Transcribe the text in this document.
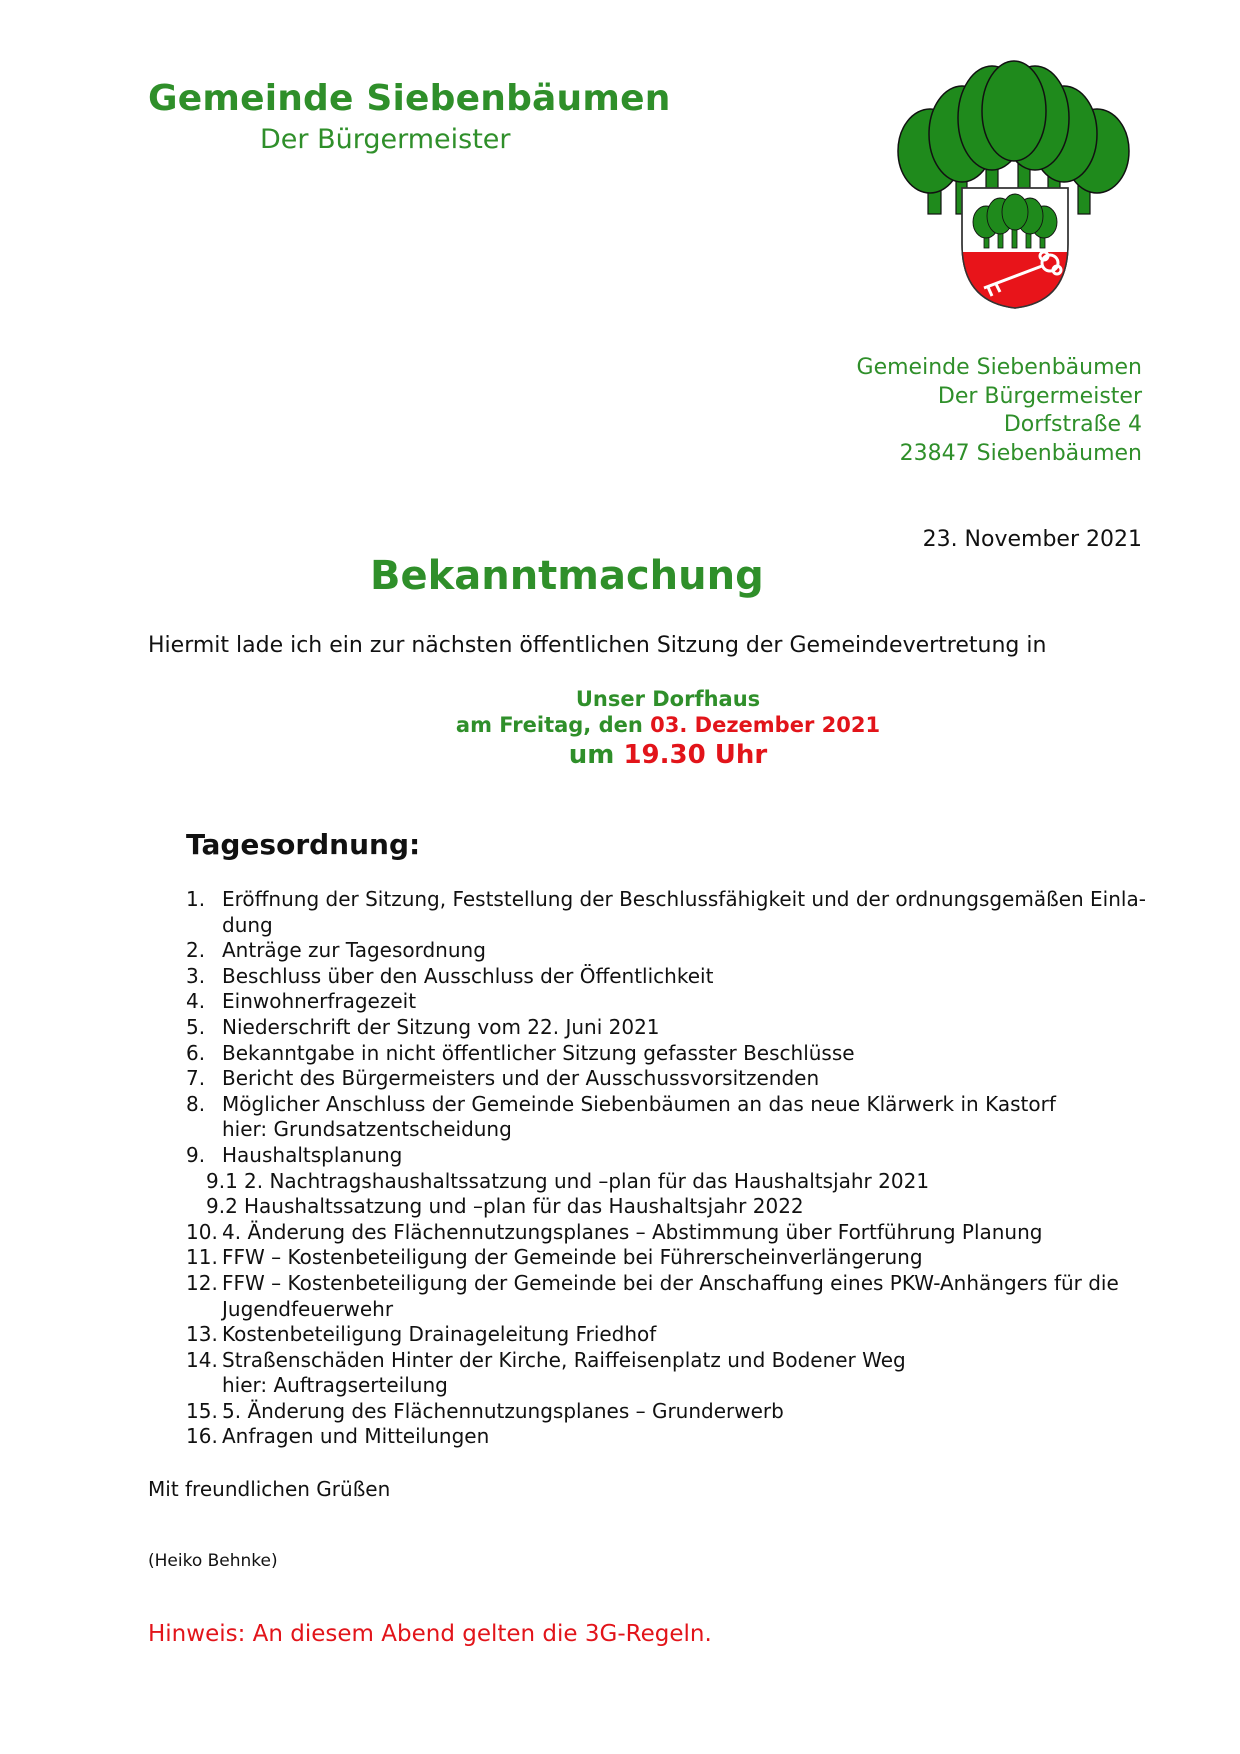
Gemeinde Siebenbäumen
Der Bürgermeister
Gemeinde Siebenbäumen
Der Bürgermeister
Dorfstraße 4
23847 Siebenbäumen
23. November 2021
Bekanntmachung
Hiermit lade ich ein zur nächsten öffentlichen Sitzung der Gemeindevertretung in
Unser Dorfhaus
am Freitag, den 03. Dezember 2021
um 19.30 Uhr
Tagesordnung:
1. Eröffnung der Sitzung, Feststellung der Beschlussfähigkeit und der ordnungsgemäßen Einla-
dung
2. Anträge zur Tagesordnung
3. Beschluss über den Ausschluss der Öffentlichkeit
4. Einwohnerfragezeit
5. Niederschrift der Sitzung vom 22. Juni 2021
6. Bekanntgabe in nicht öffentlicher Sitzung gefasster Beschlüsse
7. Bericht des Bürgermeisters und der Ausschussvorsitzenden
8. Möglicher Anschluss der Gemeinde Siebenbäumen an das neue Klärwerk in Kastorf
hier: Grundsatzentscheidung
9. Haushaltsplanung
9.1 2. Nachtragshaushaltssatzung und –plan für das Haushaltsjahr 2021
9.2 Haushaltssatzung und –plan für das Haushaltsjahr 2022
10. 4. Änderung des Flächennutzungsplanes – Abstimmung über Fortführung Planung
11. FFW – Kostenbeteiligung der Gemeinde bei Führerscheinverlängerung
12. FFW – Kostenbeteiligung der Gemeinde bei der Anschaffung eines PKW-Anhängers für die
Jugendfeuerwehr
13. Kostenbeteiligung Drainageleitung Friedhof
14. Straßenschäden Hinter der Kirche, Raiffeisenplatz und Bodener Weg
hier: Auftragserteilung
15. 5. Änderung des Flächennutzungsplanes – Grunderwerb
16. Anfragen und Mitteilungen
Mit freundlichen Grüßen
(Heiko Behnke)
Hinweis: An diesem Abend gelten die 3G-Regeln.
